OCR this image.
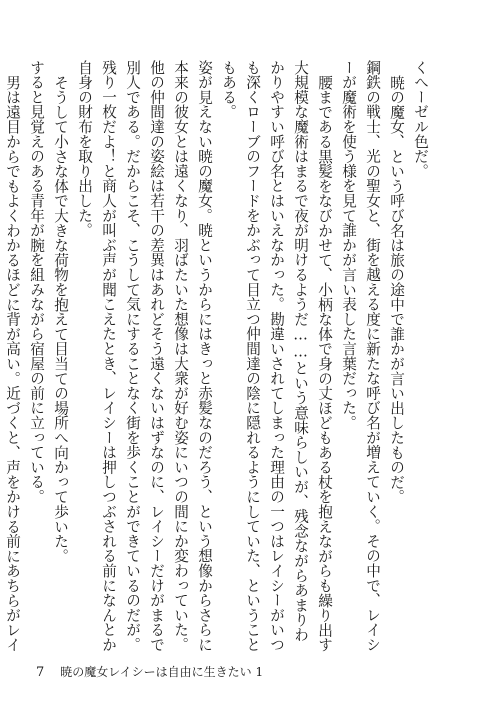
くへーゼル色だ。

暁の魔女、という呼び名は旅の途中で誰かが言い出したものだ。

鋼鉄の戦士、光の聖女と、街を越える度に新たな呼び名が増えていく。その中で、レイシーが魔術を使う様を見て誰かが言い表した言葉だった。

腰まである黒髪をなびかせて、小柄な体で身の丈ほどもある杖を抱えながらも繰り出す大規模な魔術はまるで夜が明けるようだ……という意味らしいが、残念ながらあまりわかりやすい呼び名とはいえなかった。勘違いされてしまった理由の一つはレイシーがいつも深くローブのフードをかぶって目立つ仲間達の陰に隠れるようにしていた、ということもある。

姿が見えない暁の魔女。暁というからにはきっと赤髪なのだろう、という想像からさらに本来の彼女とは遠くなり、羽ばたいた想像は大衆が好む姿にいつの間にか変わっていた。他の仲間達の姿絵は若干の差異はあれどそう遠くないはずなのに、レイシーだけがまるで別人である。だからこそ、こうして気にすることなく街を歩くことができているのだが。

残り一枚だよ！と商人が叫ぶ声が聞こえたとき、レイシーは押しつぶされる前になんとか自身の財布を取り出した。

そうして小さな体で大きな荷物を抱えて目当ての場所へ向かって歩いた。

すると見覚えのある青年が腕を組みながら宿屋の前に立っている。

男は遠目からでもよくわかるほどに背が高い。近づくと、声をかける前にあちらがレイ

7 暁の魔女レイシーは自由に生きたい 1
